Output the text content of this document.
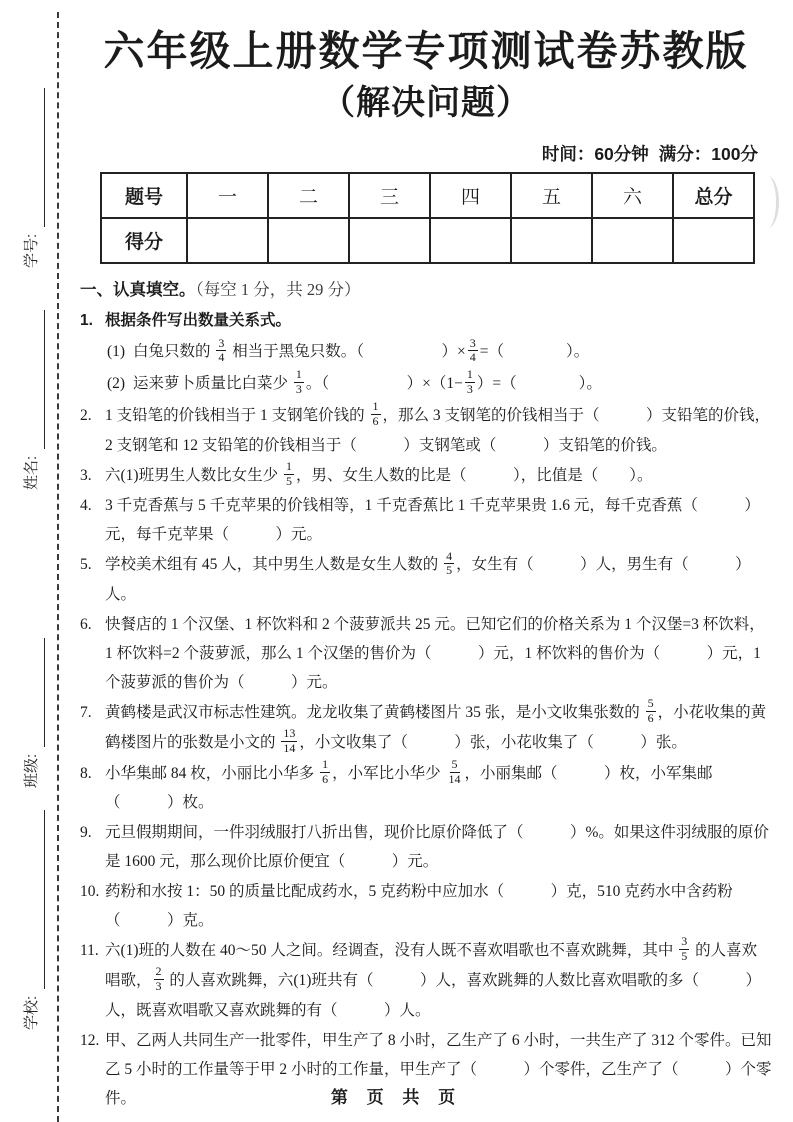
学号:
姓名:
班级:
学校:
六年级上册数学专项测试卷苏教版
（解决问题）
时间：60分钟 满分：100分
题号	一	二	三	四	五	六	总分
得分							
一、认真填空。（每空 1 分，共 29 分）
1. 根据条件写出数量关系式。
(1) 白兔只数的 $\frac{3}{4}$ 相当于黑兔只数。（　　　　　）× $\frac{3}{4}$ =（　　　　）。
(2) 运来萝卜质量比白菜少 $\frac{1}{3}$ 。（　　　　　）$\times(1- \frac{1}{3}$ ）=（　　　　）。
2. 1 支铅笔的价钱相当于 1 支钢笔价钱的 $\frac{1}{6}$ ，那么 3 支钢笔的价钱相当于（　　　）支铅笔的价钱，2 支钢笔和 12 支铅笔的价钱相当于（　　　）支钢笔或（　　　）支铅笔的价钱。
3. 六(1)班男生人数比女生少 $\frac{1}{5}$ ，男、女生人数的比是（　　　），比值是（　　）。
4. 3 千克香蕉与 5 千克苹果的价钱相等，1 千克香蕉比 1 千克苹果贵 1.6 元，每千克香蕉（　　　）元，每千克苹果（　　　）元。
5. 学校美术组有 45 人，其中男生人数是女生人数的 $\frac{4}{5}$ ，女生有（　　　）人，男生有（　　　）人。
6. 快餐店的 1 个汉堡、1 杯饮料和 2 个菠萝派共 25 元。已知它们的价格关系为 1 个汉堡=3 杯饮料，1 杯饮料=2 个菠萝派，那么 1 个汉堡的售价为（　　　）元，1 杯饮料的售价为（　　　）元，1 个菠萝派的售价为（　　　）元。
7. 黄鹤楼是武汉市标志性建筑。龙龙收集了黄鹤楼图片 35 张，是小文收集张数的 $\frac{5}{6}$ ，小花收集的黄鹤楼图片的张数是小文的 $\frac{13}{14}$ ，小文收集了（　　　）张，小花收集了（　　　）张。
8. 小华集邮 84 枚，小丽比小华多 $\frac{1}{6}$ ，小军比小华少 $\frac{5}{14}$ ，小丽集邮（　　　）枚，小军集邮（　　　）枚。
9. 元旦假期期间，一件羽绒服打八折出售，现价比原价降低了（　　　）%。如果这件羽绒服的原价是 1600 元，那么现价比原价便宜（　　　）元。
10. 药粉和水按 1：50 的质量比配成药水，5 克药粉中应加水（　　　）克，510 克药水中含药粉（　　　）克。
11. 六(1)班的人数在 40～50 人之间。经调查，没有人既不喜欢唱歌也不喜欢跳舞，其中 $\frac{3}{5}$ 的人喜欢唱歌， $\frac{2}{3}$ 的人喜欢跳舞，六(1)班共有（　　　）人，喜欢跳舞的人数比喜欢唱歌的多（　　　）人，既喜欢唱歌又喜欢跳舞的有（　　　）人。
12. 甲、乙两人共同生产一批零件，甲生产了 8 小时，乙生产了 6 小时，一共生产了 312 个零件。已知乙 5 小时的工作量等于甲 2 小时的工作量，甲生产了（　　　）个零件，乙生产了（　　　）个零件。	第 页 共 页
